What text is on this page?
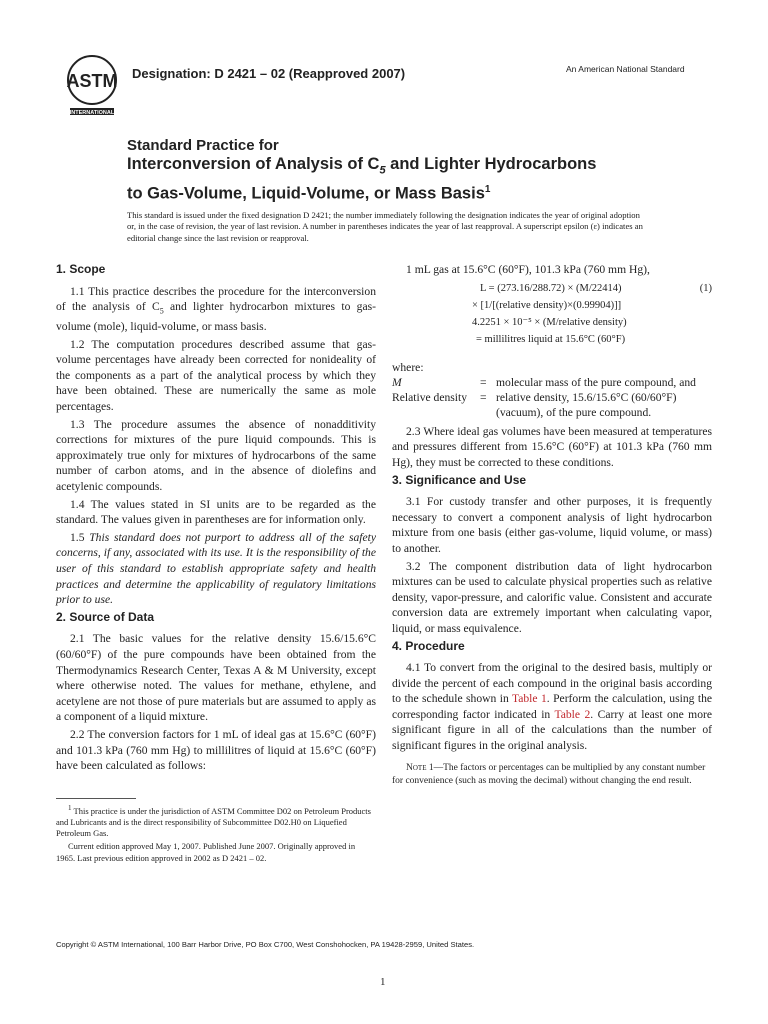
ASTM
INTERNATIONAL
Designation: D 2421 – 02 (Reapproved 2007)	An American National Standard
Standard Practice for
Interconversion of Analysis of $C_5$ and Lighter Hydrocarbons
to Gas-Volume, Liquid-Volume, or Mass Basis$^1$
This standard is issued under the fixed designation D 2421; the number immediately following the designation indicates the year of original adoption or, in the case of revision, the year of last revision. A number in parentheses indicates the year of last reapproval. A superscript epsilon (ε) indicates an editorial change since the last revision or reapproval.
1. Scope

1.1 This practice describes the procedure for the interconversion of the analysis of $C_5$ and lighter hydrocarbon mixtures to gas-volume (mole), liquid-volume, or mass basis.

1.2 The computation procedures described assume that gas-volume percentages have already been corrected for nonideality of the components as a part of the analytical process by which they have been obtained. These are numerically the same as mole percentages.

1.3 The procedure assumes the absence of nonadditivity corrections for mixtures of the pure liquid compounds. This is approximately true only for mixtures of hydrocarbons of the same number of carbon atoms, and in the absence of diolefins and acetylenic compounds.

1.4 The values stated in SI units are to be regarded as the standard. The values given in parentheses are for information only.

1.5 This standard does not purport to address all of the safety concerns, if any, associated with its use. It is the responsibility of the user of this standard to establish appropriate safety and health practices and determine the applicability of regulatory limitations prior to use.

2. Source of Data

2.1 The basic values for the relative density 15.6/15.6°C (60/60°F) of the pure compounds have been obtained from the Thermodynamics Research Center, Texas A & M University, except where otherwise noted. The values for methane, ethylene, and acetylene are not those of pure materials but are assumed to apply as a component of a liquid mixture.

2.2 The conversion factors for 1 mL of ideal gas at 15.6°C (60°F) and 101.3 kPa (760 mm Hg) to millilitres of liquid at 15.6°C (60°F) have been calculated as follows:

$^1$ This practice is under the jurisdiction of ASTM Committee D02 on Petroleum Products and Lubricants and is the direct responsibility of Subcommittee D02.H0 on Liquefied Petroleum Gas.
Current edition approved May 1, 2007. Published June 2007. Originally approved in 1965. Last previous edition approved in 2002 as D 2421 – 02.
1 mL gas at 15.6°C (60°F), 101.3 kPa (760 mm Hg),
L = (273.16/288.72) × (M/22414)	(1)
× [1/[(relative density)×(0.99904)]]
4.2251 × 10⁻⁵ × (M/relative density)
= millilitres liquid at 15.6°C (60°F)
where:
M	=	molecular mass of the pure compound, and
Relative density	=	relative density, 15.6/15.6°C (60/60°F) (vacuum), of the pure compound.

2.3 Where ideal gas volumes have been measured at temperatures and pressures different from 15.6°C (60°F) at 101.3 kPa (760 mm Hg), they must be corrected to these conditions.

3. Significance and Use

3.1 For custody transfer and other purposes, it is frequently necessary to convert a component analysis of light hydrocarbon mixture from one basis (either gas-volume, liquid volume, or mass) to another.

3.2 The component distribution data of light hydrocarbon mixtures can be used to calculate physical properties such as relative density, vapor-pressure, and calorific value. Consistent and accurate conversion data are extremely important when calculating vapor, liquid, or mass equivalence.

4. Procedure

4.1 To convert from the original to the desired basis, multiply or divide the percent of each compound in the original basis according to the schedule shown in Table 1. Perform the calculation, using the corresponding factor indicated in Table 2. Carry at least one more significant figure in all of the calculations than the number of significant figures in the original analysis.

Note 1—The factors or percentages can be multiplied by any constant number for convenience (such as moving the decimal) without changing the end result.
Copyright © ASTM International, 100 Barr Harbor Drive, PO Box C700, West Conshohocken, PA 19428-2959, United States.
1
